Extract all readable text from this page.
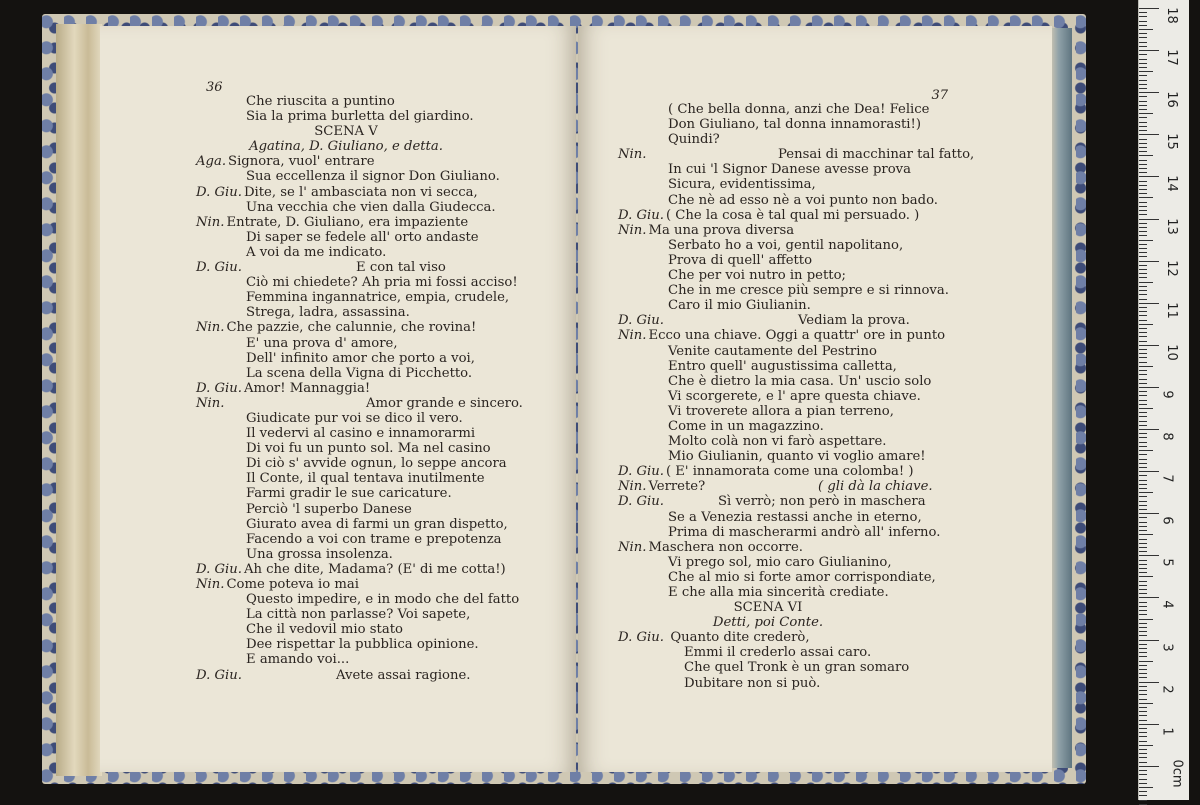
36
Che riuscita a puntino
Sia la prima burletta del giardino.
SCENA V
Agatina, D. Giuliano, e detta.
Aga. Signora, vuol' entrare
Sua eccellenza il signor Don Giuliano.
D. Giu. Dite, se l' ambasciata non vi secca,
Una vecchia che vien dalla Giudecca.
Nin. Entrate, D. Giuliano, era impaziente
Di saper se fedele all' orto andaste
A voi da me indicato.
D. Giu.	E con tal viso
Ciò mi chiedete? Ah pria mi fossi acciso!
Femmina ingannatrice, empia, crudele,
Strega, ladra, assassina.
Nin. Che pazzie, che calunnie, che rovina!
E' una prova d' amore,
Dell' infinito amor che porto a voi,
La scena della Vigna di Picchetto.
D. Giu. Amor! Mannaggia!
Nin.	Amor grande e sincero.
Giudicate pur voi se dico il vero.
Il vedervi al casino e innamorarmi
Di voi fu un punto sol. Ma nel casino
Di ciò s' avvide ognun, lo seppe ancora
Il Conte, il qual tentava inutilmente
Farmi gradir le sue caricature.
Perciò 'l superbo Danese
Giurato avea di farmi un gran dispetto,
Facendo a voi con trame e prepotenza
Una grossa insolenza.
D. Giu. Ah che dite, Madama? (E' di me cotta!)
Nin. Come poteva io mai
Questo impedire, e in modo che del fatto
La città non parlasse? Voi sapete,
Che il vedovil mio stato
Dee rispettar la pubblica opinione.
E amando voi...
D. Giu.	Avete assai ragione.
37
( Che bella donna, anzi che Dea! Felice
Don Giuliano, tal donna innamorasti!)
Quindi?
Nin.	Pensai di macchinar tal fatto,
In cui 'l Signor Danese avesse prova
Sicura, evidentissima,
Che nè ad esso nè a voi punto non bado.
D. Giu. ( Che la cosa è tal qual mi persuado. )
Nin. Ma una prova diversa
Serbato ho a voi, gentil napolitano,
Prova di quell' affetto
Che per voi nutro in petto;
Che in me cresce più sempre e si rinnova.
Caro il mio Giulianin.
D. Giu.	Vediam la prova.
Nin. Ecco una chiave. Oggi a quattr' ore in punto
Venite cautamente del Pestrino
Entro quell' augustissima calletta,
Che è dietro la mia casa. Un' uscio solo
Vi scorgerete, e l' apre questa chiave.
Vi troverete allora a pian terreno,
Come in un magazzino.
Molto colà non vi farò aspettare.
Mio Giulianin, quanto vi voglio amare!
D. Giu. ( E' innamorata come una colomba! )
Nin. Verrete?	( gli dà la chiave.
D. Giu.	Sì verrò; non però in maschera
Se a Venezia restassi anche in eterno,
Prima di mascherarmi andrò all' inferno.
Nin. Maschera non occorre.
Vi prego sol, mio caro Giulianino,
Che al mio si forte amor corrispondiate,
E che alla mia sincerità crediate.
SCENA VI
Detti, poi Conte.
D. Giu. Quanto dite crederò,
Emmi il crederlo assai caro.
Che quel Tronk è un gran somaro
Dubitare non si può.
18
17
16
15
14
13
12
11
10
9
8
7
6
5
4
3
2
1
0cm
